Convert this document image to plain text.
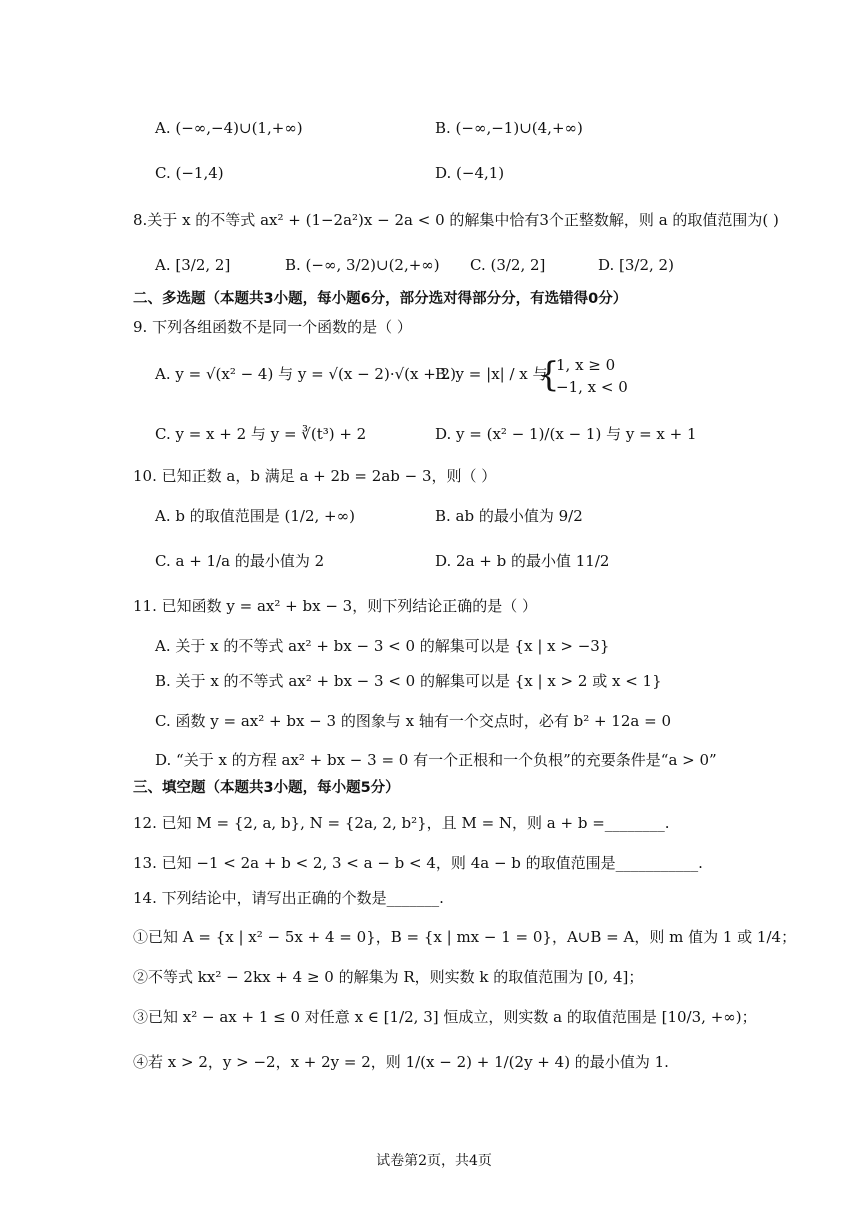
A. (−∞,−4)∪(1,+∞)	B. (−∞,−1)∪(4,+∞)
C. (−1,4)	D. (−4,1)
8.关于 x 的不等式 ax² + (1−2a²)x − 2a < 0 的解集中恰有3个正整数解，则 a 的取值范围为( )
A. [3/2, 2]	B. (−∞, 3/2)∪(2,+∞) C. (3/2, 2]	D. [3/2, 2)
二、多选题（本题共3小题，每小题6分，部分选对得部分分，有选错得0分）
9. 下列各组函数不是同一个函数的是（ ）
A. y = √(x² − 4) 与 y = √(x − 2)·√(x + 2)
B. y = |x| / x 与
{
1, x ≥ 0
−1, x < 0
C. y = x + 2 与 y = ∛(t³) + 2	D. y = (x² − 1)/(x − 1) 与 y = x + 1
10. 已知正数 a，b 满足 a + 2b = 2ab − 3，则（ ）
A. b 的取值范围是 (1/2, +∞)	B. ab 的最小值为 9/2
C. a + 1/a 的最小值为 2	D. 2a + b 的最小值 11/2
11. 已知函数 y = ax² + bx − 3，则下列结论正确的是（ ）
A. 关于 x 的不等式 ax² + bx − 3 < 0 的解集可以是 {x | x > −3}
B. 关于 x 的不等式 ax² + bx − 3 < 0 的解集可以是 {x | x > 2 或 x < 1}
C. 函数 y = ax² + bx − 3 的图象与 x 轴有一个交点时，必有 b² + 12a = 0
D. “关于 x 的方程 ax² + bx − 3 = 0 有一个正根和一个负根”的充要条件是“a > 0”
三、填空题（本题共3小题，每小题5分）
12. 已知 M = {2, a, b}, N = {2a, 2, b²}，且 M = N，则 a + b =________.
13. 已知 −1 < 2a + b < 2, 3 < a − b < 4，则 4a − b 的取值范围是___________.
14. 下列结论中，请写出正确的个数是_______.
①已知 A = {x | x² − 5x + 4 = 0}，B = {x | mx − 1 = 0}，A∪B = A，则 m 值为 1 或 1/4；
②不等式 kx² − 2kx + 4 ≥ 0 的解集为 R，则实数 k 的取值范围为 [0, 4]；
③已知 x² − ax + 1 ≤ 0 对任意 x ∈ [1/2, 3] 恒成立，则实数 a 的取值范围是 [10/3, +∞)；
④若 x > 2，y > −2，x + 2y = 2，则 1/(x − 2) + 1/(2y + 4) 的最小值为 1.
试卷第2页，共4页
